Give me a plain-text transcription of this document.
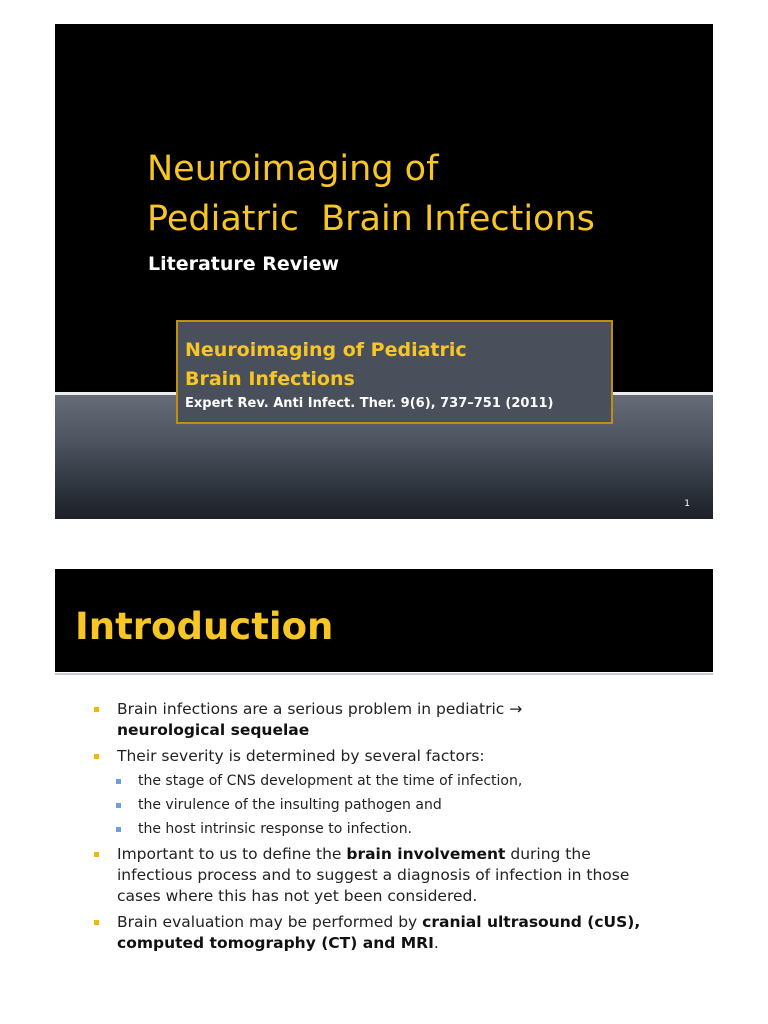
Neuroimaging of
Pediatric  Brain Infections

Literature Review

Neuroimaging of Pediatric
Brain Infections

Expert Rev. Anti Infect. Ther. 9(6), 737–751 (2011)

1
Introduction
Brain infections are a serious problem in pediatric →
neurological sequelae
Their severity is determined by several factors:
the stage of CNS development at the time of infection,
the virulence of the insulting pathogen and
the host intrinsic response to infection.
Important to us to define the brain involvement during the infectious process and to suggest a diagnosis of infection in those cases where this has not yet been considered.
Brain evaluation may be performed by cranial ultrasound (cUS), computed tomography (CT) and MRI.
